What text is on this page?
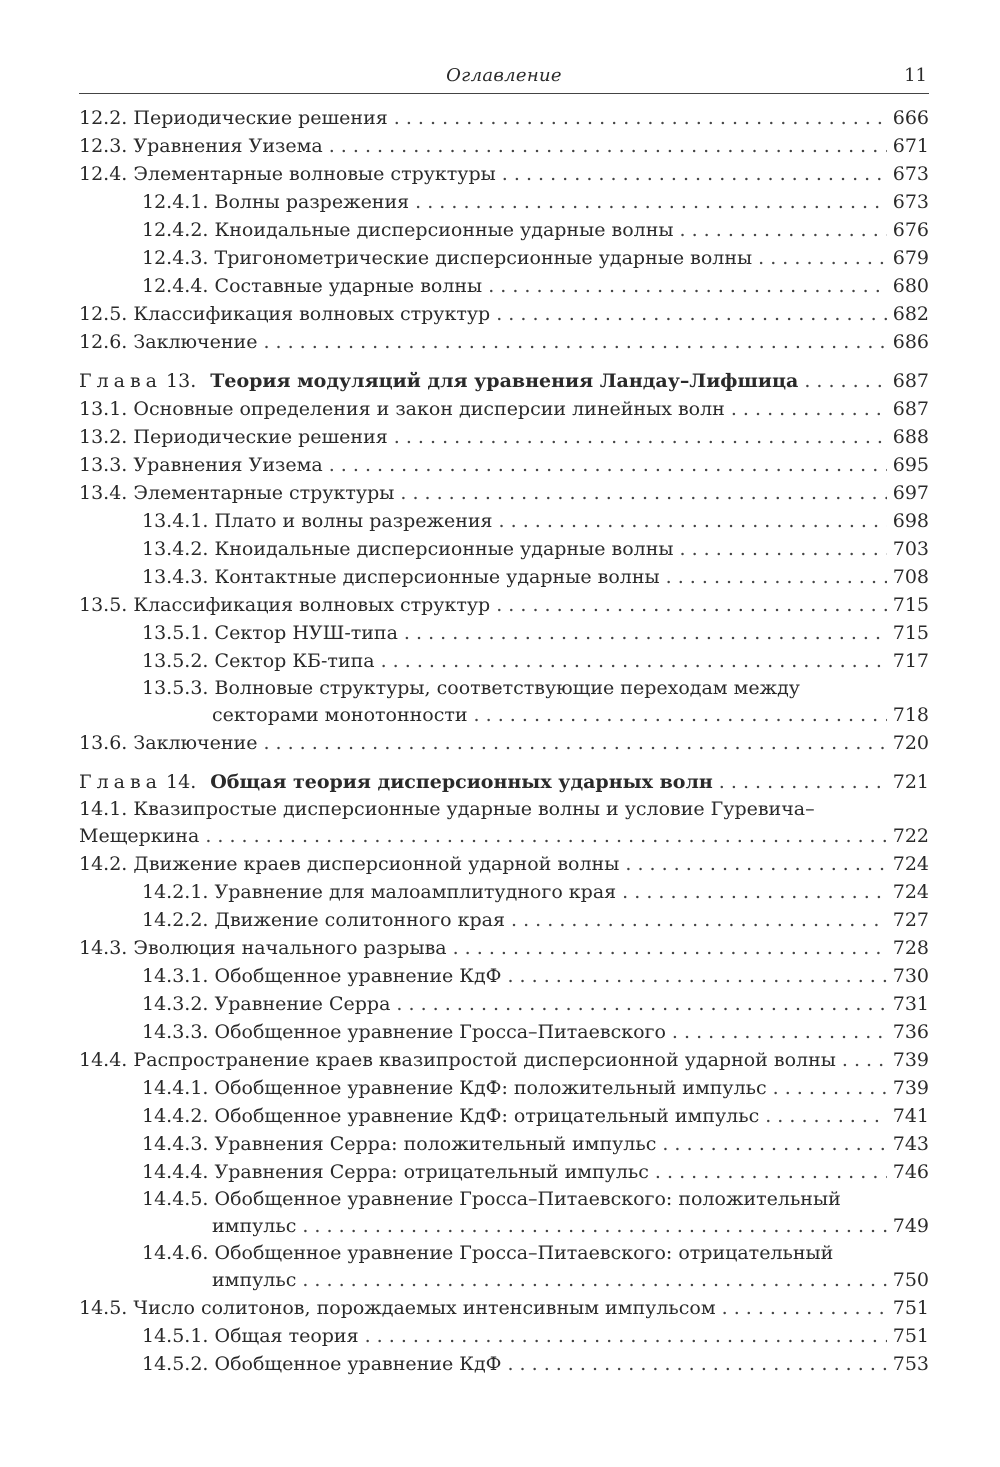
Оглавление	11
12.2. Периодические решения . . .	666
12.3. Уравнения Уизема . . .	671
12.4. Элементарные волновые структуры . . .	673
12.4.1. Волны разрежения . . .	673
12.4.2. Кноидальные дисперсионные ударные волны . . .	676
12.4.3. Тригонометрические дисперсионные ударные волны . . .	679
12.4.4. Составные ударные волны . . .	680
12.5. Классификация волновых структур . . .	682
12.6. Заключение . . .	686
Глава 13. Теория модуляций для уравнения Ландау–Лифшица . . .	687
13.1. Основные определения и закон дисперсии линейных волн . . .	687
13.2. Периодические решения . . .	688
13.3. Уравнения Уизема . . .	695
13.4. Элементарные структуры . . .	697
13.4.1. Плато и волны разрежения . . .	698
13.4.2. Кноидальные дисперсионные ударные волны . . .	703
13.4.3. Контактные дисперсионные ударные волны . . .	708
13.5. Классификация волновых структур . . .	715
13.5.1. Сектор НУШ-типа . . .	715
13.5.2. Сектор КБ-типа . . .	717
13.5.3. Волновые структуры, соответствующие переходам между
секторами монотонности . . .	718
13.6. Заключение . . .	720
Глава 14. Общая теория дисперсионных ударных волн . . .	721
14.1. Квазипростые дисперсионные ударные волны и условие Гуревича–
Мещеркина . . .	722
14.2. Движение краев дисперсионной ударной волны . . .	724
14.2.1. Уравнение для малоамплитудного края . . .	724
14.2.2. Движение солитонного края . . .	727
14.3. Эволюция начального разрыва . . .	728
14.3.1. Обобщенное уравнение КдФ . . .	730
14.3.2. Уравнение Серра . . .	731
14.3.3. Обобщенное уравнение Гросса–Питаевского . . .	736
14.4. Распространение краев квазипростой дисперсионной ударной волны . . .	739
14.4.1. Обобщенное уравнение КдФ: положительный импульс . . .	739
14.4.2. Обобщенное уравнение КдФ: отрицательный импульс . . .	741
14.4.3. Уравнения Серра: положительный импульс . . .	743
14.4.4. Уравнения Серра: отрицательный импульс . . .	746
14.4.5. Обобщенное уравнение Гросса–Питаевского: положительный
импульс . . .	749
14.4.6. Обобщенное уравнение Гросса–Питаевского: отрицательный
импульс . . .	750
14.5. Число солитонов, порождаемых интенсивным импульсом . . .	751
14.5.1. Общая теория . . .	751
14.5.2. Обобщенное уравнение КдФ . . .	753
